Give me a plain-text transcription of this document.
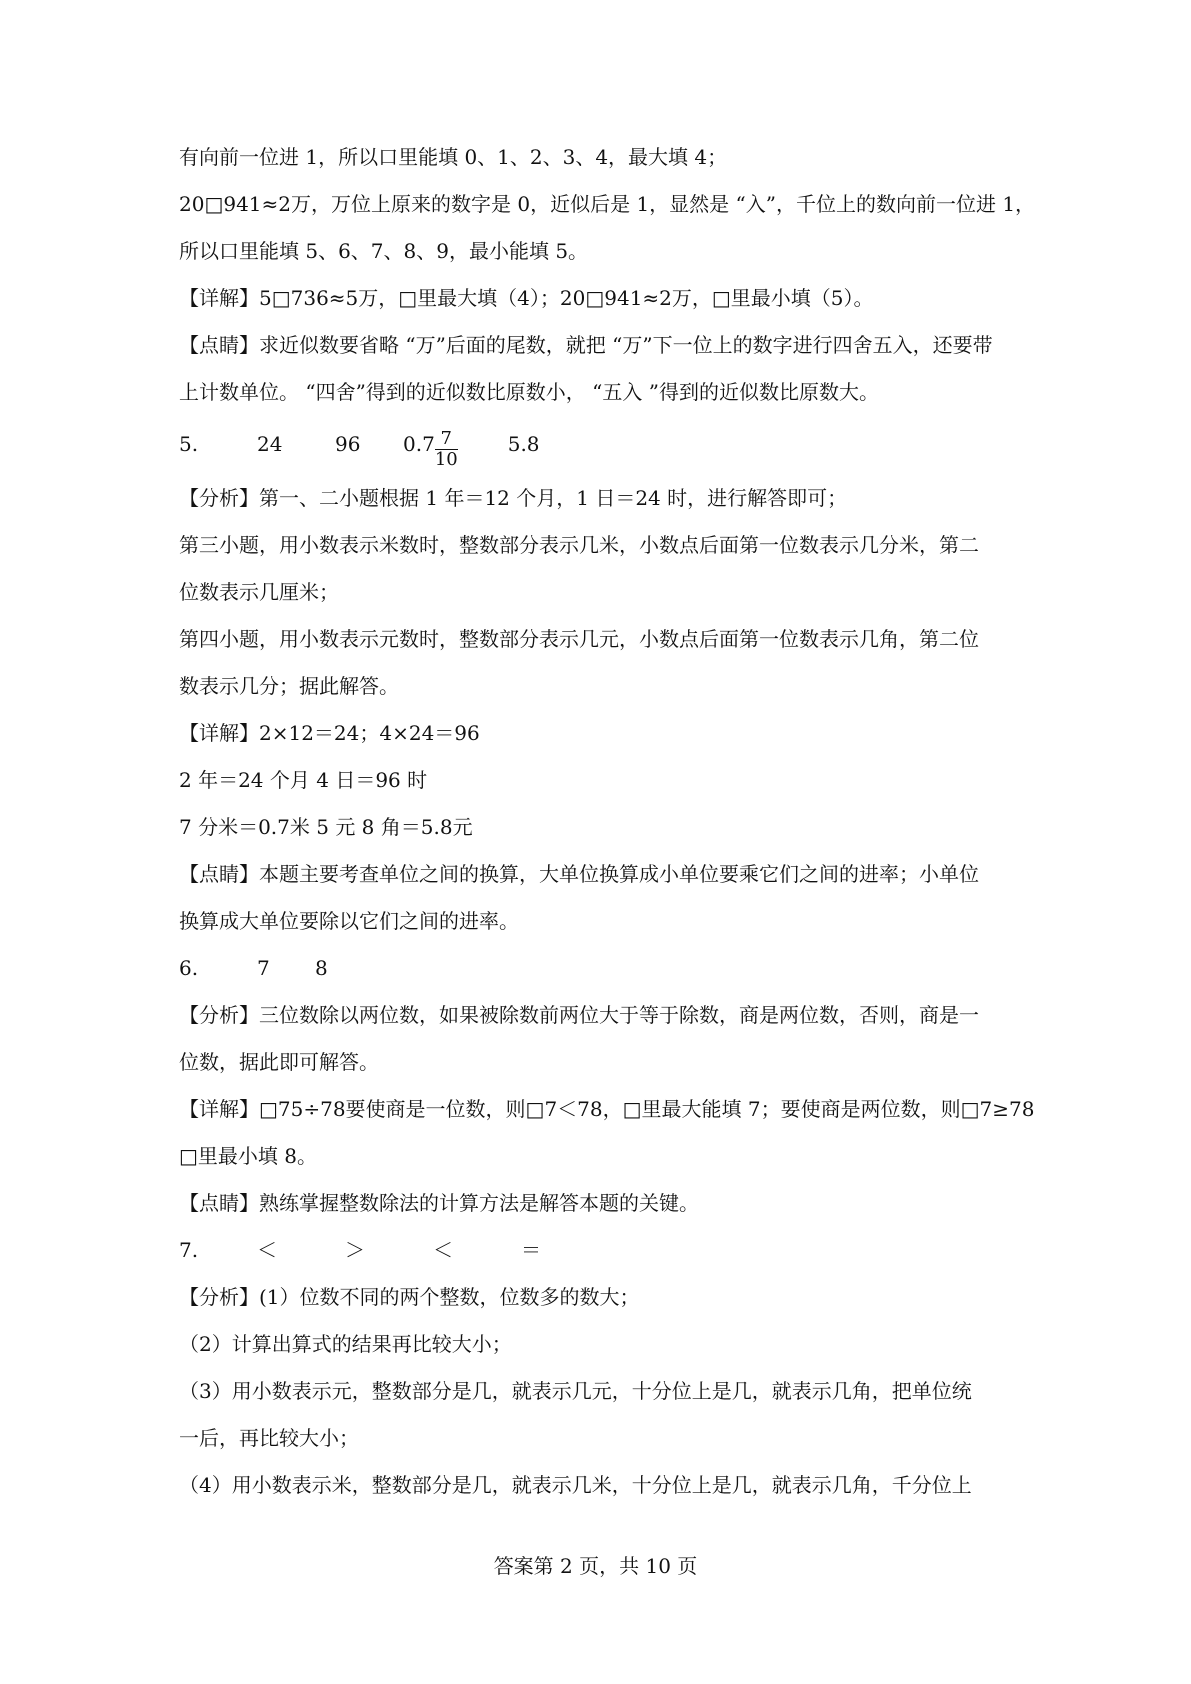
有向前一位进 1，所以口里能填 0、1、2、3、4，最大填 4；
20□941≈2万，万位上原来的数字是 0，近似后是 1，显然是 “入”，千位上的数向前一位进 1，
所以口里能填 5、6、7、8、9，最小能填 5。
【详解】5□736≈5万，□里最大填（4）；20□941≈2万，□里最小填（5）。
【点睛】求近似数要省略 “万”后面的尾数，就把 “万”下一位上的数字进行四舍五入，还要带
上计数单位。 “四舍”得到的近似数比原数小， “五入 ”得到的近似数比原数大。
5.	24	96 $0.7 \frac{7}{10}$	5.8
【分析】第一、二小题根据 1 年＝12 个月，1 日＝24 时，进行解答即可；
第三小题，用小数表示米数时，整数部分表示几米，小数点后面第一位数表示几分米，第二
位数表示几厘米；
第四小题，用小数表示元数时，整数部分表示几元，小数点后面第一位数表示几角，第二位
数表示几分；据此解答。
【详解】2×12＝24；4×24＝96
2 年＝24 个月 4 日＝96 时
7 分米＝0.7米 5 元 8 角＝5.8元
【点睛】本题主要考查单位之间的换算，大单位换算成小单位要乘它们之间的进率；小单位
换算成大单位要除以它们之间的进率。
6.	7 8
【分析】三位数除以两位数，如果被除数前两位大于等于除数，商是两位数，否则，商是一
位数，据此即可解答。
【详解】□75÷78要使商是一位数，则□7＜78，□里最大能填 7；要使商是两位数，则□7≥78
□里最小填 8。
【点睛】熟练掌握整数除法的计算方法是解答本题的关键。
7.	＜	＞	＜	＝
【分析】(1）位数不同的两个整数，位数多的数大；
（2）计算出算式的结果再比较大小；
（3）用小数表示元，整数部分是几，就表示几元，十分位上是几，就表示几角，把单位统
一后，再比较大小；
（4）用小数表示米，整数部分是几，就表示几米，十分位上是几，就表示几角，千分位上
答案第 2 页，共 10 页
